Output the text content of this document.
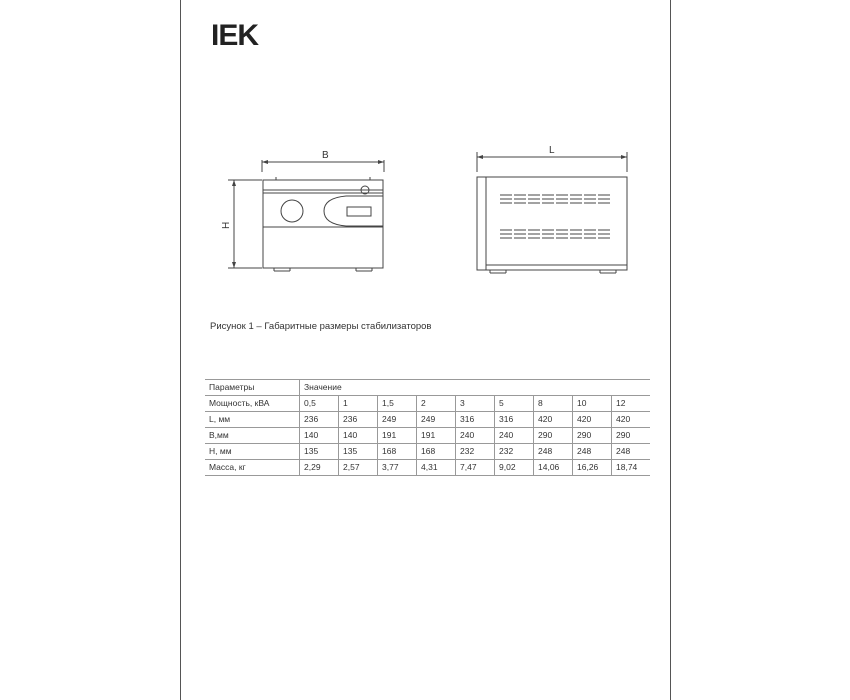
IEK
B
H
L
Рисунок 1 – Габаритные размеры стабилизаторов
Параметры	Значение								
Мощность, кВА	0,5	1	1,5	2	3	5	8	10	12
L, мм	236	236	249	249	316	316	420	420	420
В,мм	140	140	191	191	240	240	290	290	290
Н, мм	135	135	168	168	232	232	248	248	248
Масса, кг	2,29	2,57	3,77	4,31	7,47	9,02	14,06	16,26	18,74
